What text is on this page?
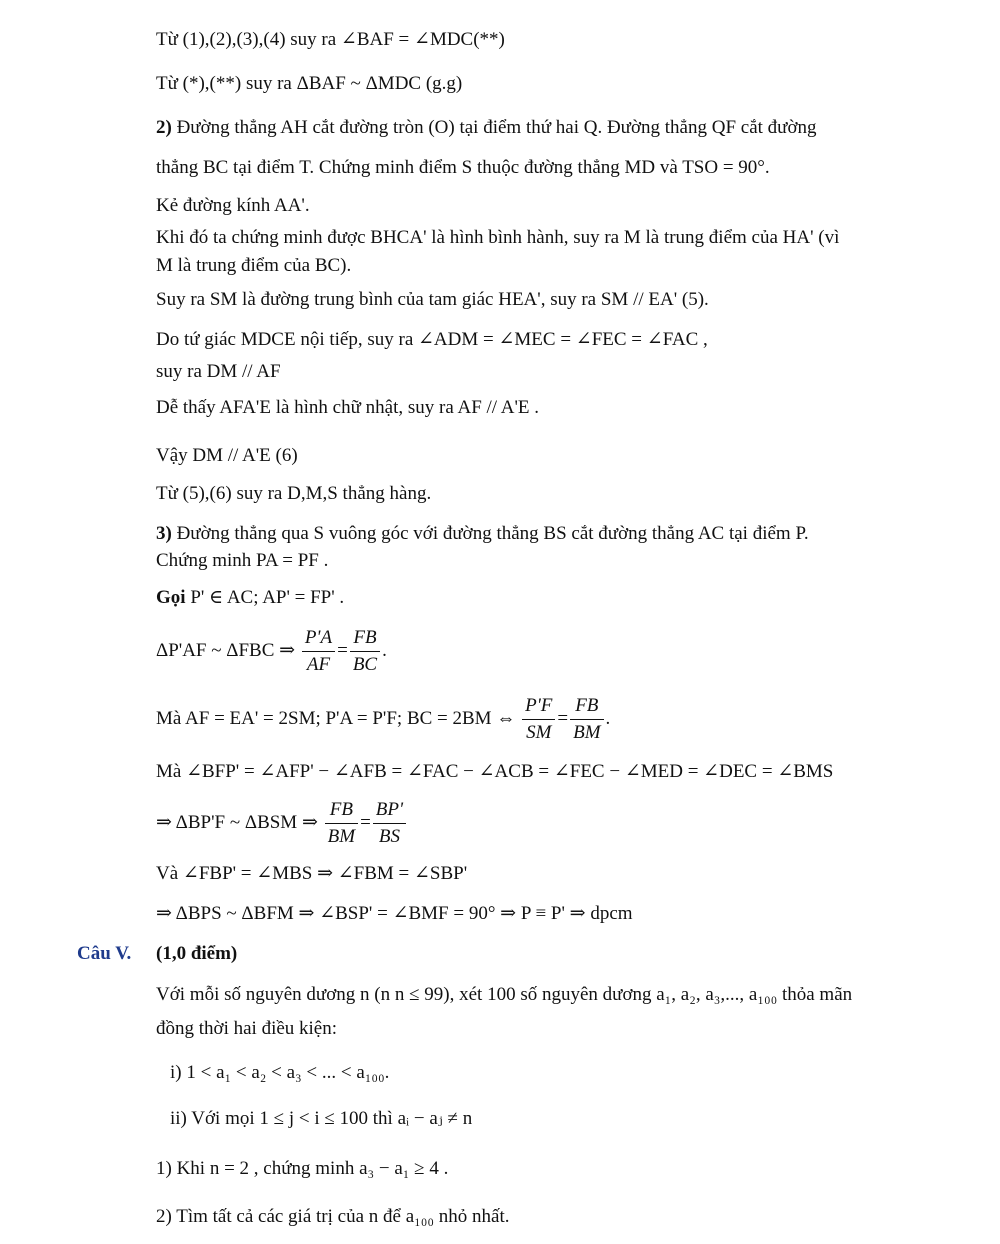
Từ (1),(2),(3),(4) suy ra ∠BAF = ∠MDC(**)
Từ (*),(**) suy ra ΔBAF ~ ΔMDC (g.g)
2) Đường thẳng AH cắt đường tròn (O) tại điểm thứ hai Q. Đường thẳng QF cắt đường
thẳng BC tại điểm T. Chứng minh điểm S thuộc đường thẳng MD và TSO = 90°.
Kẻ đường kính AA'.
Khi đó ta chứng minh được BHCA' là hình bình hành, suy ra M là trung điểm của HA' (vì
M là trung điểm của BC).
Suy ra SM là đường trung bình của tam giác HEA', suy ra SM // EA' (5).
Do tứ giác MDCE nội tiếp, suy ra ∠ADM = ∠MEC = ∠FEC = ∠FAC ,
suy ra DM // AF
Dễ thấy AFA'E là hình chữ nhật, suy ra AF // A'E .
Vậy DM // A'E (6)
Từ (5),(6) suy ra D,M,S thẳng hàng.
3) Đường thẳng qua S vuông góc với đường thẳng BS cắt đường thẳng AC tại điểm P.
Chứng minh PA = PF .
Gọi P' ∈ AC; AP' = FP' .
ΔP'AF ~ ΔFBC ⇒ $\frac{P'A}{AF} = \frac{FB}{BC}$ .
Mà AF = EA' = 2SM; P'A = P'F; BC = 2BM ⇔ $\frac{P'F}{SM} = \frac{FB}{BM}$ .
Mà ∠BFP' = ∠AFP' − ∠AFB = ∠FAC − ∠ACB = ∠FEC − ∠MED = ∠DEC = ∠BMS
⇒ ΔBP'F ~ ΔBSM ⇒ $\frac{FB}{BM} = \frac{BP'}{BS}$
Và ∠FBP' = ∠MBS ⇒ ∠FBM = ∠SBP'
⇒ ΔBPS ~ ΔBFM ⇒ ∠BSP' = ∠BMF = 90° ⇒ P ≡ P' ⇒ dpcm
Câu V. (1,0 điểm)
Với mỗi số nguyên dương n (n n ≤ 99), xét 100 số nguyên dương a₁, a₂, a₃,..., a₁₀₀ thỏa mãn
đồng thời hai điều kiện:
i) 1 < a₁ < a₂ < a₃ < ... < a₁₀₀.
ii) Với mọi 1 ≤ j < i ≤ 100 thì aᵢ − aⱼ ≠ n
1) Khi n = 2 , chứng minh a₃ − a₁ ≥ 4 .
2) Tìm tất cả các giá trị của n để a₁₀₀ nhỏ nhất.
